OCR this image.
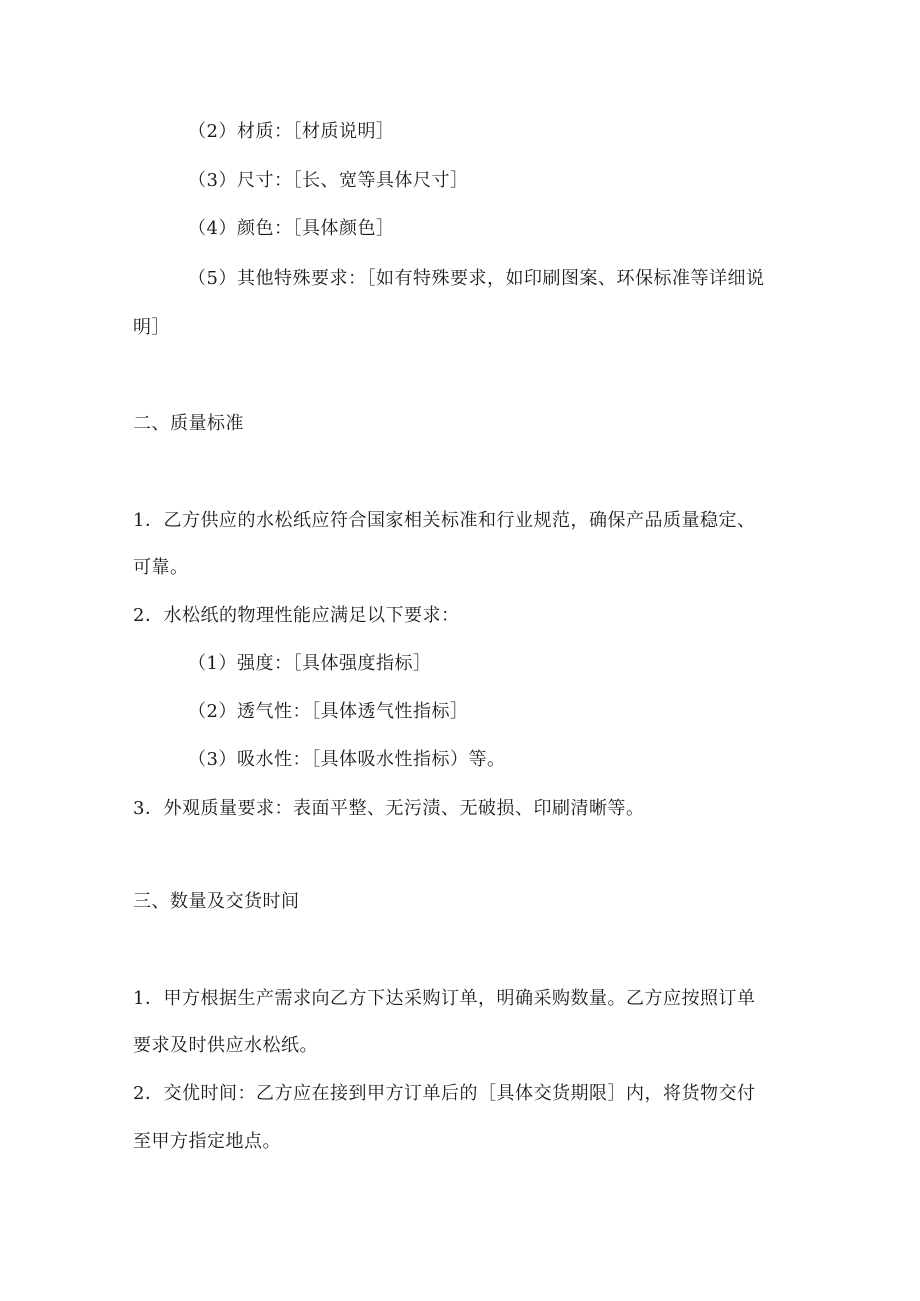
（2）材质：［材质说明］
（3）尺寸：［长、宽等具体尺寸］
（4）颜色：［具体颜色］
（5）其他特殊要求：［如有特殊要求，如印刷图案、环保标准等详细说
明］
二、质量标准
1．乙方供应的水松纸应符合国家相关标准和行业规范，确保产品质量稳定、
可靠。
2．水松纸的物理性能应满足以下要求：
（1）强度：［具体强度指标］
（2）透气性：［具体透气性指标］
（3）吸水性：［具体吸水性指标）等。
3．外观质量要求：表面平整、无污渍、无破损、印刷清晰等。
三、数量及交货时间
1．甲方根据生产需求向乙方下达采购订单，明确采购数量。乙方应按照订单
要求及时供应水松纸。
2．交优时间：乙方应在接到甲方订单后的［具体交货期限］内，将货物交付
至甲方指定地点。
